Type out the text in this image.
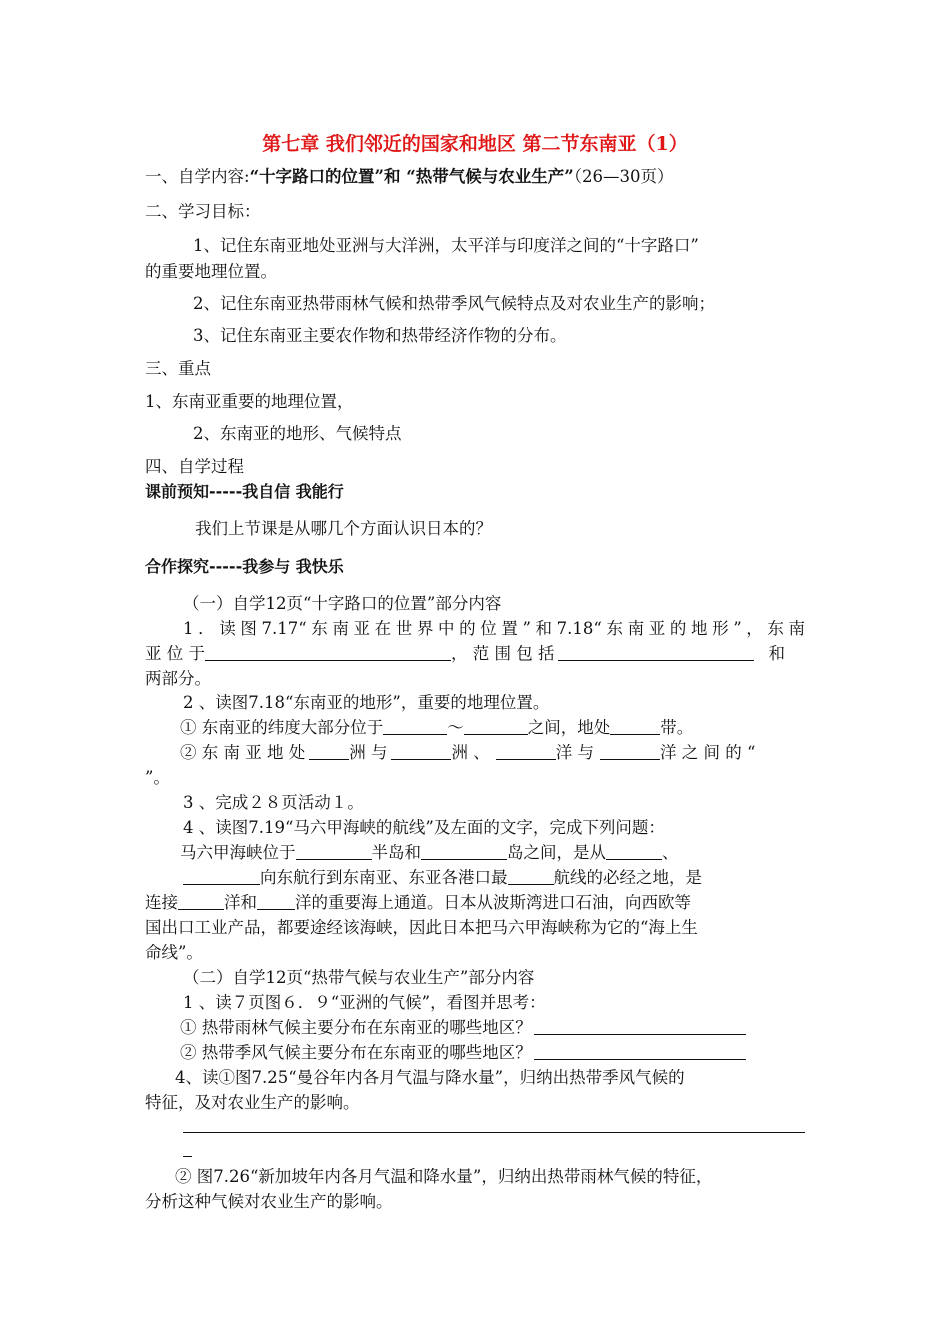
第七章 我们邻近的国家和地区 第二节东南亚（1）
一、自学内容:“十字路口的位置”和 “热带气候与农业生产”（26—30页）
二、学习目标：
1、记住东南亚地处亚洲与大洋洲，太平洋与印度洋之间的“十字路口”
的重要地理位置。
2、记住东南亚热带雨林气候和热带季风气候特点及对农业生产的影响；
3、记住东南亚主要农作物和热带经济作物的分布。
三、重点
1、东南亚重要的地理位置，
2、东南亚的地形、气候特点
四、自学过程
课前预知-----我自信 我能行
我们上节课是从哪几个方面认识日本的？
合作探究-----我参与 我快乐
（一）自学12页“十字路口的位置”部分内容
1．读图7.17“东南亚在世界中的位置”和7.18“东南亚的地形”，东南
亚 位 于	， 范 围 包 括	和
两部分。
2 、读图7.18“东南亚的地形”，重要的地理位置。
① 东南亚的纬度大部分位于	～	之间，地处	带。
② 东 南 亚 地 处	洲 与	洲 、	洋 与	洋 之 间 的 “
”。
3 、完成２８页活动１。
4 、读图7.19“马六甲海峡的航线”及左面的文字，完成下列问题：
马六甲海峡位于	半岛和	岛之间，是从	、
向东航行到东南亚、东亚各港口最	航线的必经之地，是
连接	洋和 洋的重要海上通道。日本从波斯湾进口石油，向西欧等
国出口工业产品，都要途经该海峡，因此日本把马六甲海峡称为它的“海上生
命线”。
（二）自学12页“热带气候与农业生产”部分内容
1 、读７页图６．９“亚洲的气候”，看图并思考：
① 热带雨林气候主要分布在东南亚的哪些地区？
② 热带季风气候主要分布在东南亚的哪些地区？
4、读①图7.25“曼谷年内各月气温与降水量”，归纳出热带季风气候的
特征，及对农业生产的影响。
② 图7.26“新加坡年内各月气温和降水量”，归纳出热带雨林气候的特征，
分析这种气候对农业生产的影响。
